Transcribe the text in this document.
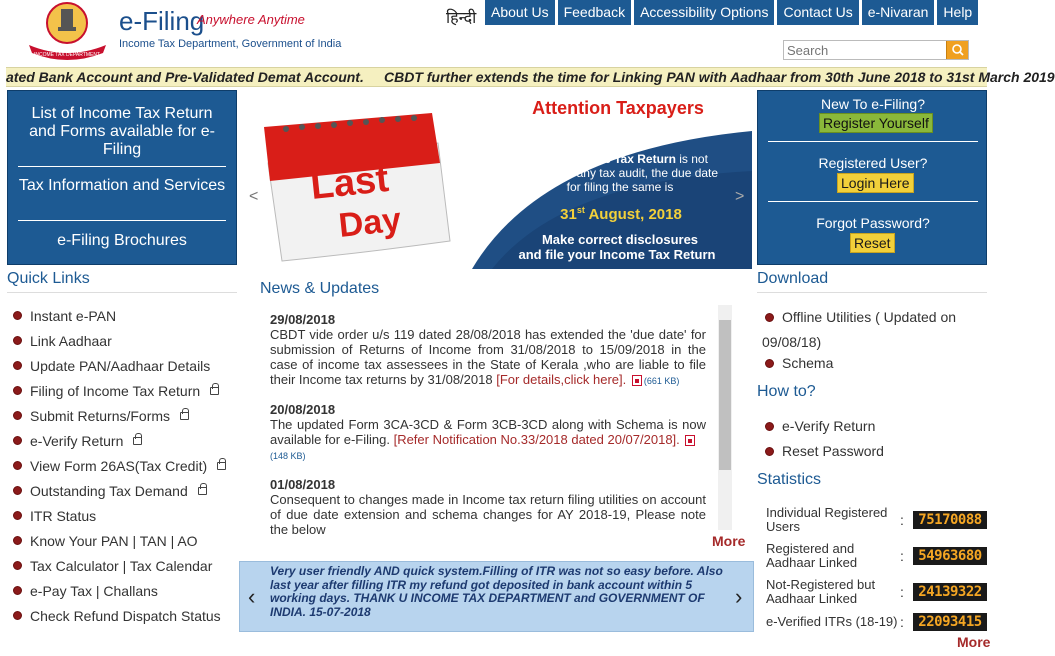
INCOME TAX DEPARTMENT
e-Filing
Anywhere Anytime
Income Tax Department, Government of India
हिन्दी	About Us	Feedback	Accessibility Options	Contact Us	e-Nivaran	Help
Search
ated Bank Account and Pre-Validated Demat Account. CBDT further extends the time for Linking PAN with Aadhaar from 30th June 2018 to 31st March 2019
List of Income Tax Return and Forms available for e-Filing
Tax Information and Services
e-Filing Brochures
Last
Day
Attention Taxpayers
If your Income Tax Return is not
subject to any tax audit, the due date
for filing the same is
31st August, 2018
Make correct disclosures
and file your Income Tax Return
<	>
New To e-Filing?
Register Yourself
Registered User?
Login Here
Forgot Password?
Reset
Quick Links
Instant e-PAN
Link Aadhaar
Update PAN/Aadhaar Details
Filing of Income Tax Return
Submit Returns/Forms
e-Verify Return
View Form 26AS(Tax Credit)
Outstanding Tax Demand
ITR Status
Know Your PAN | TAN | AO
Tax Calculator | Tax Calendar
e-Pay Tax | Challans
Check Refund Dispatch Status
News & Updates
29/08/2018
CBDT vide order u/s 119 dated 28/08/2018 has extended the 'due date' for submission of Returns of Income from 31/08/2018 to 15/09/2018 in the case of income tax assessees in the State of Kerala ,who are liable to file their Income tax returns by 31/08/2018 [For details,click here]. (661 KB)
20/08/2018
The updated Form 3CA-3CD & Form 3CB-3CD along with Schema is now available for e-Filing. [Refer Notification No.33/2018 dated 20/07/2018].
(148 KB)
01/08/2018
Consequent to changes made in Income tax return filing utilities on account of due date extension and schema changes for AY 2018-19, Please note the below
More
‹
Very user friendly AND quick system.Filling of ITR was not so easy before. Also last year after filling ITR my refund got deposited in bank account within 5 working days. THANK U INCOME TAX DEPARTMENT and GOVERNMENT OF INDIA. 15-07-2018
›
Download
Offline Utilities ( Updated on
09/08/18)
Schema
How to?
e-Verify Return
Reset Password
Statistics
Individual Registered
Users	:	75170088
Registered and
Aadhaar Linked	:	54963680
Not-Registered but
Aadhaar Linked	:	24139322
e-Verified ITRs (18-19) :	22093415
More
